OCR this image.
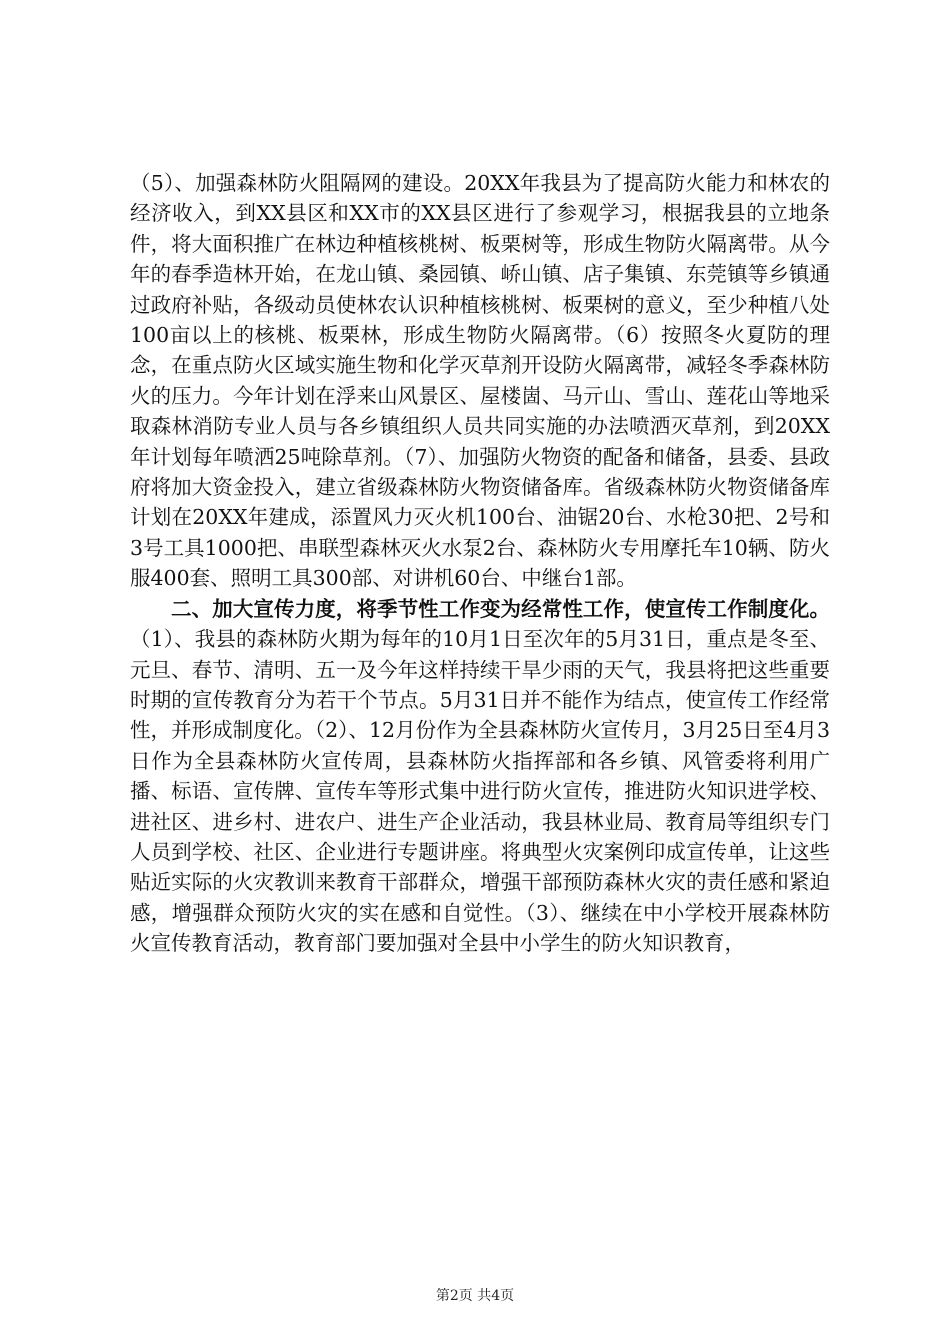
（5）、加强森林防火阻隔网的建设。20XX年我县为了提高防火能力和林农的经济收入，到XX县区和XX市的XX县区进行了参观学习，根据我县的立地条件，将大面积推广在林边种植核桃树、板栗树等，形成生物防火隔离带。从今年的春季造林开始，在龙山镇、桑园镇、峤山镇、店子集镇、东莞镇等乡镇通过政府补贴，各级动员使林农认识种植核桃树、板栗树的意义，至少种植八处100亩以上的核桃、板栗林，形成生物防火隔离带。（6）按照冬火夏防的理念，在重点防火区域实施生物和化学灭草剂开设防火隔离带，减轻冬季森林防火的压力。今年计划在浮来山风景区、屋楼崮、马亓山、雪山、莲花山等地采取森林消防专业人员与各乡镇组织人员共同实施的办法喷洒灭草剂，到20XX年计划每年喷洒25吨除草剂。（7）、加强防火物资的配备和储备，县委、县政府将加大资金投入，建立省级森林防火物资储备库。省级森林防火物资储备库计划在20XX年建成，添置风力灭火机100台、油锯20台、水枪30把、2号和3号工具1000把、串联型森林灭火水泵2台、森林防火专用摩托车10辆、防火服400套、照明工具300部、对讲机60台、中继台1部。

二、加大宣传力度，将季节性工作变为经常性工作，使宣传工作制度化。（1）、我县的森林防火期为每年的10月1日至次年的5月31日，重点是冬至、元旦、春节、清明、五一及今年这样持续干旱少雨的天气，我县将把这些重要时期的宣传教育分为若干个节点。5月31日并不能作为结点，使宣传工作经常性，并形成制度化。（2）、12月份作为全县森林防火宣传月，3月25日至4月3日作为全县森林防火宣传周，县森林防火指挥部和各乡镇、风管委将利用广播、标语、宣传牌、宣传车等形式集中进行防火宣传，推进防火知识进学校、进社区、进乡村、进农户、进生产企业活动，我县林业局、教育局等组织专门人员到学校、社区、企业进行专题讲座。将典型火灾案例印成宣传单，让这些贴近实际的火灾教训来教育干部群众，增强干部预防森林火灾的责任感和紧迫感，增强群众预防火灾的实在感和自觉性。（3）、继续在中小学校开展森林防火宣传教育活动，教育部门要加强对全县中小学生的防火知识教育，

第2页 共4页
